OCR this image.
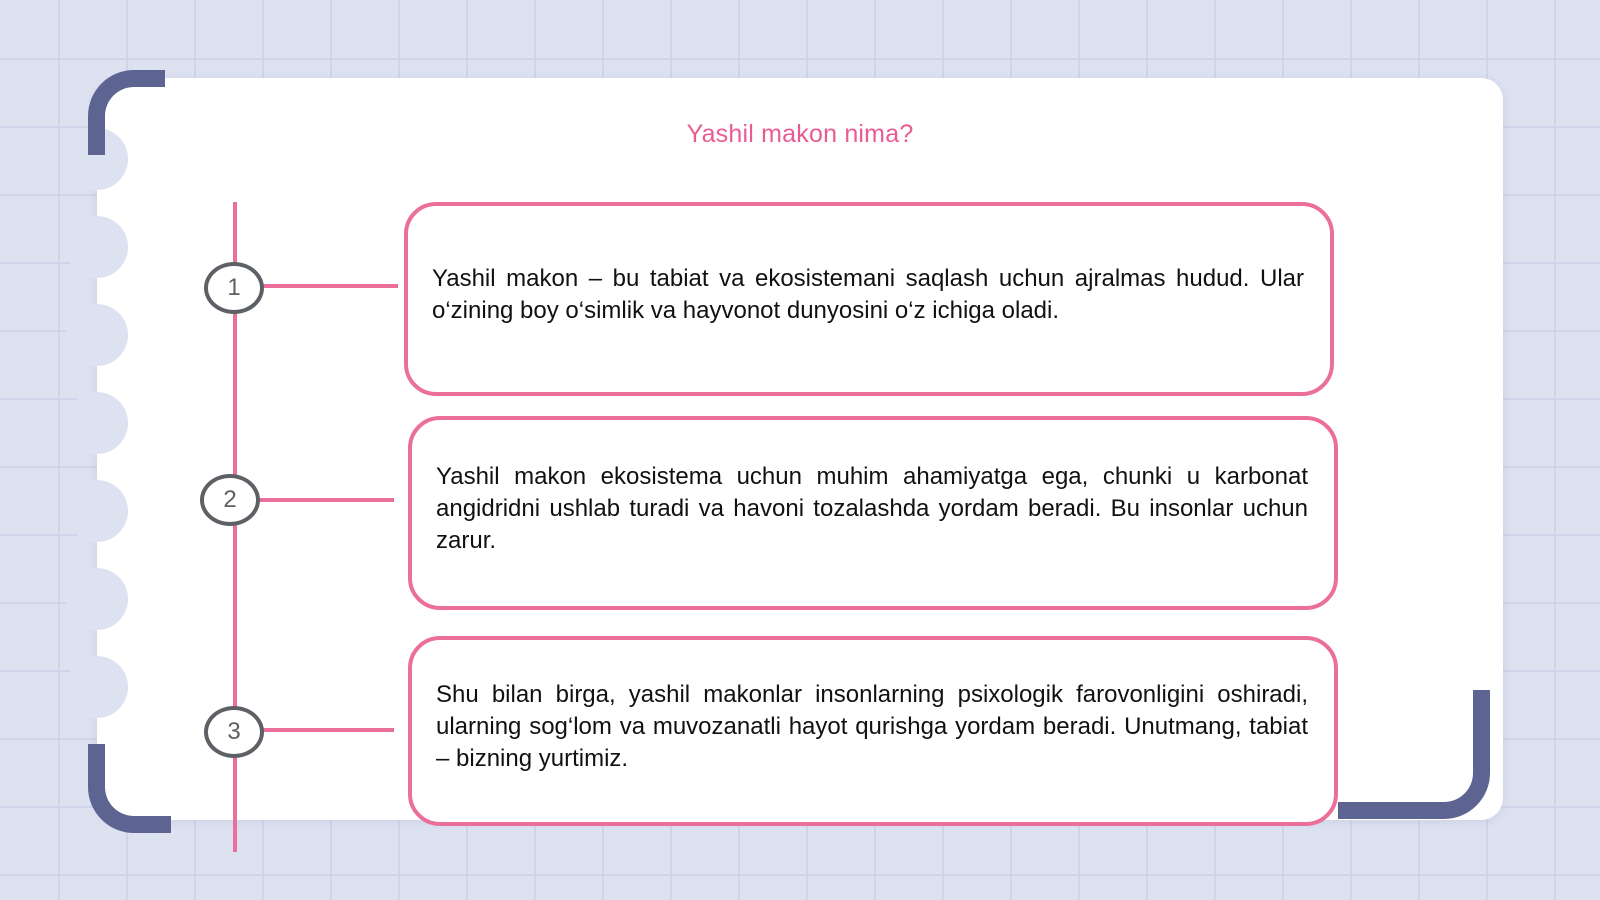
Yashil makon nima?
1	Yashil makon – bu tabiat va ekosistemani saqlash uchun ajralmas hudud. Ular o‘zining boy o‘simlik va hayvonot dunyosini o‘z ichiga oladi.

2

Yashil makon ekosistema uchun muhim ahamiyatga ega, chunki u karbonat angidridni ushlab turadi va havoni tozalashda yordam beradi. Bu insonlar uchun zarur.

3

Shu bilan birga, yashil makonlar insonlarning psixologik farovonligini oshiradi, ularning sog‘lom va muvozanatli hayot qurishga yordam beradi. Unutmang, tabiat – bizning yurtimiz.
